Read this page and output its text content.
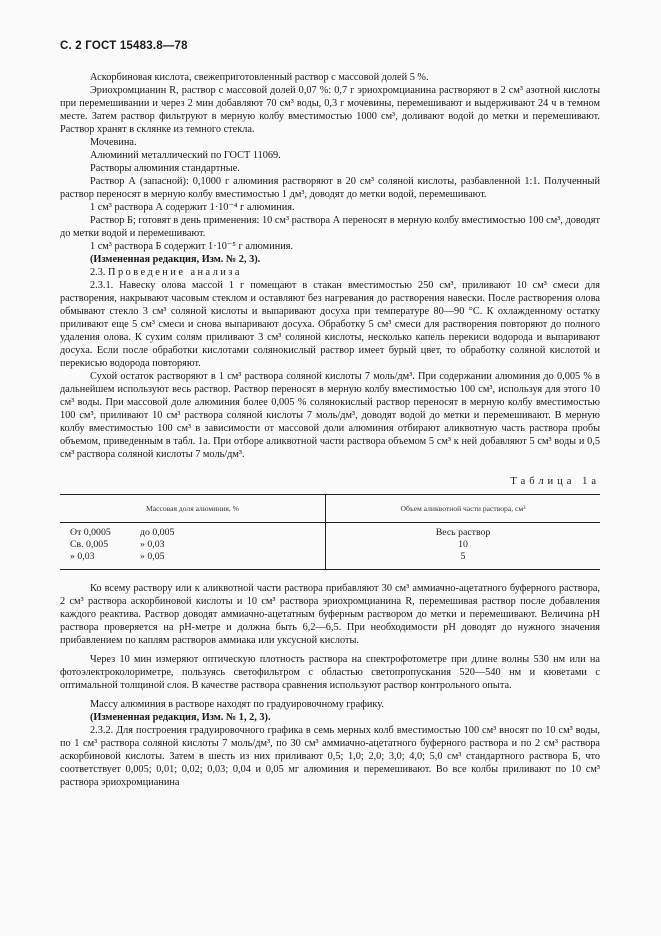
С. 2 ГОСТ 15483.8—78

Аскорбиновая кислота, свежеприготовленный раствор с массовой долей 5 %.

Эриохромцианин R, раствор с массовой долей 0,07 %: 0,7 г эриохромцианина растворяют в 2 см³ азотной кислоты при перемешивании и через 2 мин добавляют 70 см³ воды, 0,3 г мочевины, перемешивают и выдерживают 24 ч в темном месте. Затем раствор фильтруют в мерную колбу вместимостью 1000 см³, доливают водой до метки и перемешивают. Раствор хранят в склянке из темного стекла.

Мочевина.

Алюминий металлический по ГОСТ 11069.

Растворы алюминия стандартные.

Раствор А (запасной): 0,1000 г алюминия растворяют в 20 см³ соляной кислоты, разбавленной 1:1. Полученный раствор переносят в мерную колбу вместимостью 1 дм³, доводят до метки водой, перемешивают.

1 см³ раствора А содержит 1·10⁻⁴ г алюминия.

Раствор Б; готовят в день применения: 10 см³ раствора А переносят в мерную колбу вместимостью 100 см³, доводят до метки водой и перемешивают.

1 см³ раствора Б содержит 1·10⁻⁵ г алюминия.

(Измененная редакция, Изм. № 2, 3).

2.3. Проведение анализа

2.3.1. Навеску олова массой 1 г помещают в стакан вместимостью 250 см³, приливают 10 см³ смеси для растворения, накрывают часовым стеклом и оставляют без нагревания до растворения навески. После растворения олова обмывают стекло 3 см³ соляной кислоты и выпаривают досуха при температуре 80—90 °С. К охлажденному остатку приливают еще 5 см³ смеси и снова выпаривают досуха. Обработку 5 см³ смеси для растворения повторяют до полного удаления олова. К сухим солям приливают 3 см³ соляной кислоты, несколько капель перекиси водорода и выпаривают досуха. Если после обработки кислотами солянокислый раствор имеет бурый цвет, то обработку соляной кислотой и перекисью водорода повторяют.

Сухой остаток растворяют в 1 см³ раствора соляной кислоты 7 моль/дм³. При содержании алюминия до 0,005 % в дальнейшем используют весь раствор. Раствор переносят в мерную колбу вместимостью 100 см³, используя для этого 10 см³ воды. При массовой доле алюминия более 0,005 % солянокислый раствор переносят в мерную колбу вместимостью 100 см³, приливают 10 см³ раствора соляной кислоты 7 моль/дм³, доводят водой до метки и перемешивают. В мерную колбу вместимостью 100 см³ в зависимости от массовой доли алюминия отбирают аликвотную часть раствора пробы объемом, приведенным в табл. 1а. При отборе аликвотной части раствора объемом 5 см³ к ней добавляют 5 см³ воды и 0,5 см³ раствора соляной кислоты 7 моль/дм³.

Таблица 1а
Массовая доля алюминия, %	Объем аликвотной части раствора, см³
От 0,0005 до 0,005	Весь раствор
Св. 0,005 » 0,03	10
» 0,03 » 0,05	5

Ко всему раствору или к аликвотной части раствора прибавляют 30 см³ аммиачно-ацетатного буферного раствора, 2 см³ раствора аскорбиновой кислоты и 10 см³ раствора эриохромцианина R, перемешивая раствор после добавления каждого реактива. Раствор доводят аммиачно-ацетатным буферным раствором до метки и перемешивают. Величина рН раствора проверяется на рН-метре и должна быть 6,2—6,5. При необходимости рН доводят до нужного значения прибавлением по каплям растворов аммиака или уксусной кислоты.

Через 10 мин измеряют оптическую плотность раствора на спектрофотометре при длине волны 530 нм или на фотоэлектроколориметре, пользуясь светофильтром с областью светопропускания 520—540 нм и кюветами с оптимальной толщиной слоя. В качестве раствора сравнения используют раствор контрольного опыта.

Массу алюминия в растворе находят по градуировочному графику.

(Измененная редакция, Изм. № 1, 2, 3).

2.3.2. Для построения градуировочного графика в семь мерных колб вместимостью 100 см³ вносят по 10 см³ воды, по 1 см³ раствора соляной кислоты 7 моль/дм³, по 30 см³ аммиачно-ацетатного буферного раствора и по 2 см³ раствора аскорбиновой кислоты. Затем в шесть из них приливают 0,5; 1,0; 2,0; 3,0; 4,0; 5,0 см³ стандартного раствора Б, что соответствует 0,005; 0,01; 0,02; 0,03; 0,04 и 0,05 мг алюминия и перемешивают. Во все колбы приливают по 10 см³ раствора эриохромцианина
